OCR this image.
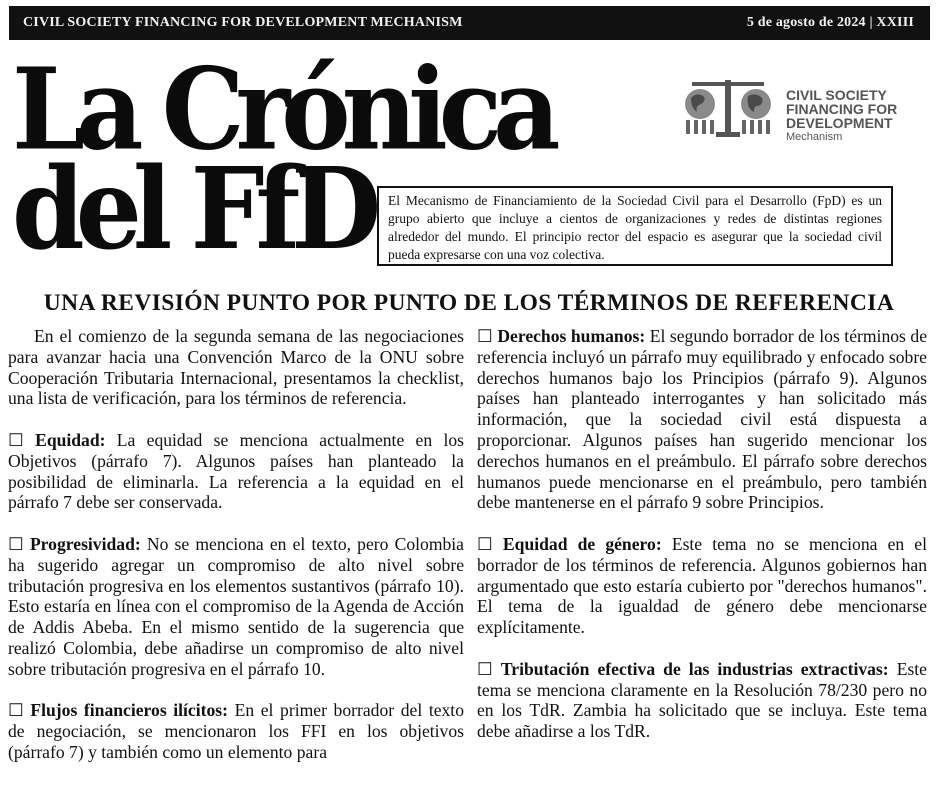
CIVIL SOCIETY FINANCING FOR DEVELOPMENT MECHANISM	5 de agosto de 2024 | XXIII
La Crónica
del FfD
CIVIL SOCIETY
FINANCING FOR
DEVELOPMENT
Mechanism
El Mecanismo de Financiamiento de la Sociedad Civil para el Desarrollo (FpD) es un grupo abierto que incluye a cientos de organizaciones y redes de distintas regiones alrededor del mundo. El principio rector del espacio es asegurar que la sociedad civil pueda expresarse con una voz colectiva.
UNA REVISIÓN PUNTO POR PUNTO DE LOS TÉRMINOS DE REFERENCIA

En el comienzo de la segunda semana de las negociaciones para avanzar hacia una Convención Marco de la ONU sobre Cooperación Tributaria Internacional, presentamos la checklist, una lista de verificación, para los términos de referencia.

☐ Equidad: La equidad se menciona actualmente en los Objetivos (párrafo 7). Algunos países han planteado la posibilidad de eliminarla. La referencia a la equidad en el párrafo 7 debe ser conservada.

☐ Progresividad: No se menciona en el texto, pero Colombia ha sugerido agregar un compromiso de alto nivel sobre tributación progresiva en los elementos sustantivos (párrafo 10). Esto estaría en línea con el compromiso de la Agenda de Acción de Addis Abeba. En el mismo sentido de la sugerencia que realizó Colombia, debe añadirse un compromiso de alto nivel sobre tributación progresiva en el párrafo 10.

☐ Flujos financieros ilícitos: En el primer borrador del texto de negociación, se mencionaron los FFI en los objetivos (párrafo 7) y también como un elemento para

☐ Derechos humanos: El segundo borrador de los términos de referencia incluyó un párrafo muy equilibrado y enfocado sobre derechos humanos bajo los Principios (párrafo 9). Algunos países han planteado interrogantes y han solicitado más información, que la sociedad civil está dispuesta a proporcionar. Algunos países han sugerido mencionar los derechos humanos en el preámbulo. El párrafo sobre derechos humanos puede mencionarse en el preámbulo, pero también debe mantenerse en el párrafo 9 sobre Principios.

☐ Equidad de género: Este tema no se menciona en el borrador de los términos de referencia. Algunos gobiernos han argumentado que esto estaría cubierto por "derechos humanos". El tema de la igualdad de género debe mencionarse explícitamente.

☐ Tributación efectiva de las industrias extractivas: Este tema se menciona claramente en la Resolución 78/230 pero no en los TdR. Zambia ha solicitado que se incluya. Este tema debe añadirse a los TdR.
